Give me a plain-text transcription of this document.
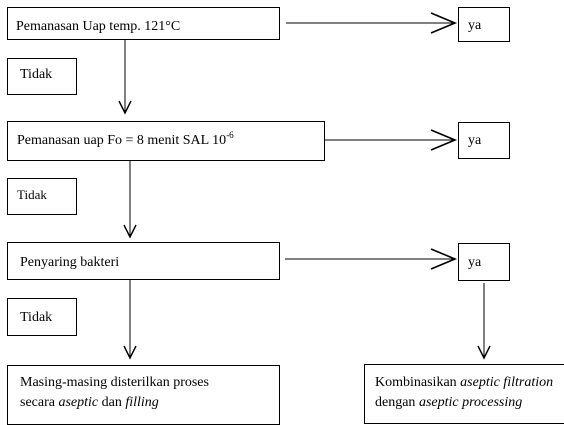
Pemanasan Uap temp. 121°C	ya
Tidak
Pemanasan uap Fo = 8 menit SAL $10^{-6}$	ya
Tidak
Penyaring bakteri	ya
Tidak
Masing-masing disterilkan proses
secara aseptic dan filling
Kombinasikan aseptic filtration
dengan aseptic processing
